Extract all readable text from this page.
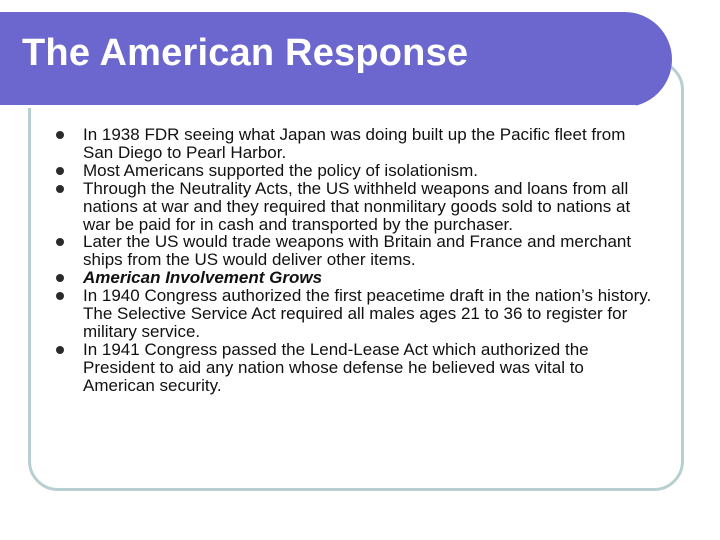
The American Response
In 1938 FDR seeing what Japan was doing built up the Pacific fleet from San Diego to Pearl Harbor.
Most Americans supported the policy of isolationism.
Through the Neutrality Acts, the US withheld weapons and loans from all nations at war and they required that nonmilitary goods sold to nations at war be paid for in cash and transported by the purchaser.
Later the US would trade weapons with Britain and France and merchant ships from the US would deliver other items.
American Involvement Grows
In 1940 Congress authorized the first peacetime draft in the nation’s history. The Selective Service Act required all males ages 21 to 36 to register for military service.
In 1941 Congress passed the Lend-Lease Act which authorized the President to aid any nation whose defense he believed was vital to American security.
